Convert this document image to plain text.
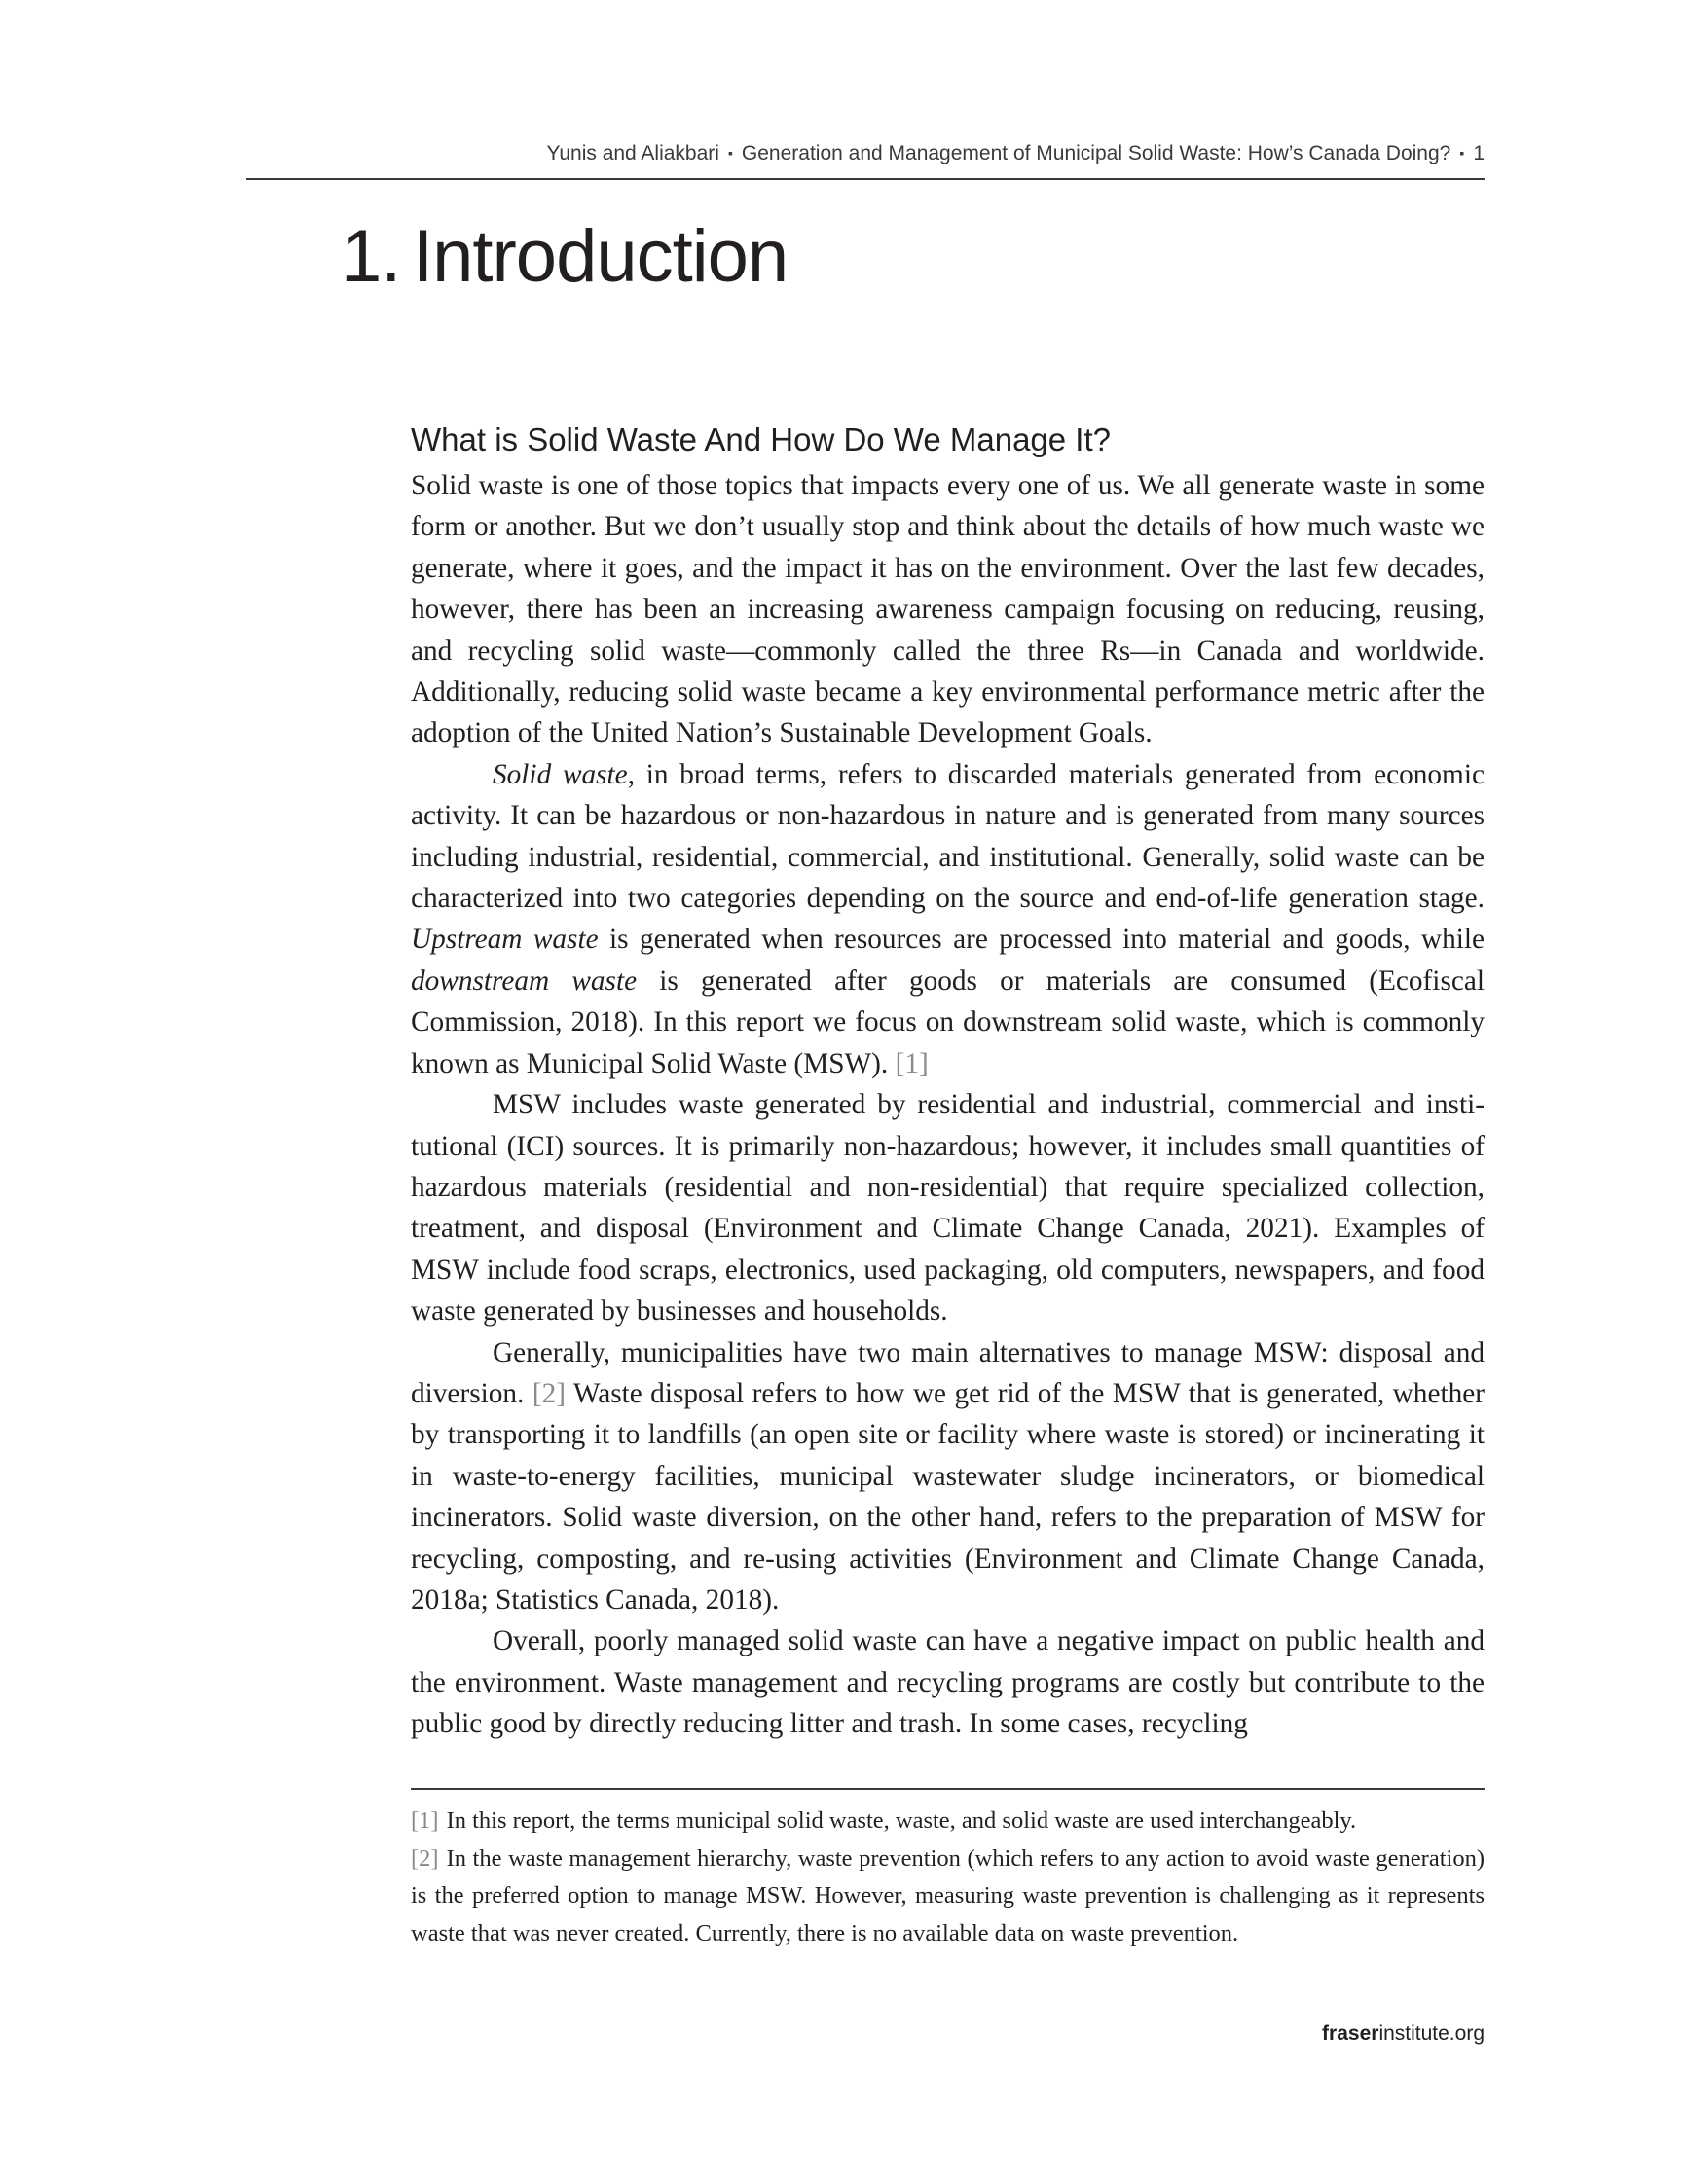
Yunis and Aliakbari ▪ Generation and Management of Municipal Solid Waste: How’s Canada Doing? ▪ 1
1. Introduction
What is Solid Waste And How Do We Manage It?

Solid waste is one of those topics that impacts every one of us. We all generate waste in some form or another. But we don’t usually stop and think about the details of how much waste we generate, where it goes, and the impact it has on the environment. Over the last few decades, however, there has been an increasing awareness campaign focusing on reducing, reusing, and recycling solid waste—commonly called the three Rs—in Canada and worldwide. Additionally, reducing solid waste became a key environmental performance metric after the adoption of the United Nation’s Sustainable Development Goals.

Solid waste, in broad terms, refers to discarded materials generated from economic activity. It can be hazardous or non-hazardous in nature and is generated from many sources including industrial, residential, commercial, and institutional. Generally, solid waste can be characterized into two categories depending on the source and end-of-life generation stage. Upstream waste is generated when resources are processed into material and goods, while downstream waste is generated after goods or materials are consumed (Ecofiscal Commission, 2018). In this report we focus on downstream solid waste, which is commonly known as Municipal Solid Waste (MSW). [1]

MSW includes waste generated by residential and industrial, commercial and institutional (ICI) sources. It is primarily non-hazardous; however, it includes small quantities of hazardous materials (residential and non-residential) that require specialized collection, treatment, and disposal (Environment and Climate Change Canada, 2021). Examples of MSW include food scraps, electronics, used packaging, old computers, newspapers, and food waste generated by businesses and households.

Generally, municipalities have two main alternatives to manage MSW: disposal and diversion. [2] Waste disposal refers to how we get rid of the MSW that is generated, whether by transporting it to landfills (an open site or facility where waste is stored) or incinerating it in waste-to-energy facilities, municipal wastewater sludge incinerators, or biomedical incinerators. Solid waste diversion, on the other hand, refers to the preparation of MSW for recycling, composting, and re-using activities (Environment and Climate Change Canada, 2018a; Statistics Canada, 2018).

Overall, poorly managed solid waste can have a negative impact on public health and the environment. Waste management and recycling programs are costly but contribute to the public good by directly reducing litter and trash. In some cases, recycling

[1] In this report, the terms municipal solid waste, waste, and solid waste are used interchangeably.

[2] In the waste management hierarchy, waste prevention (which refers to any action to avoid waste generation) is the preferred option to manage MSW. However, measuring waste prevention is challenging as it represents waste that was never created. Currently, there is no available data on waste prevention.

fraserinstitute.org
